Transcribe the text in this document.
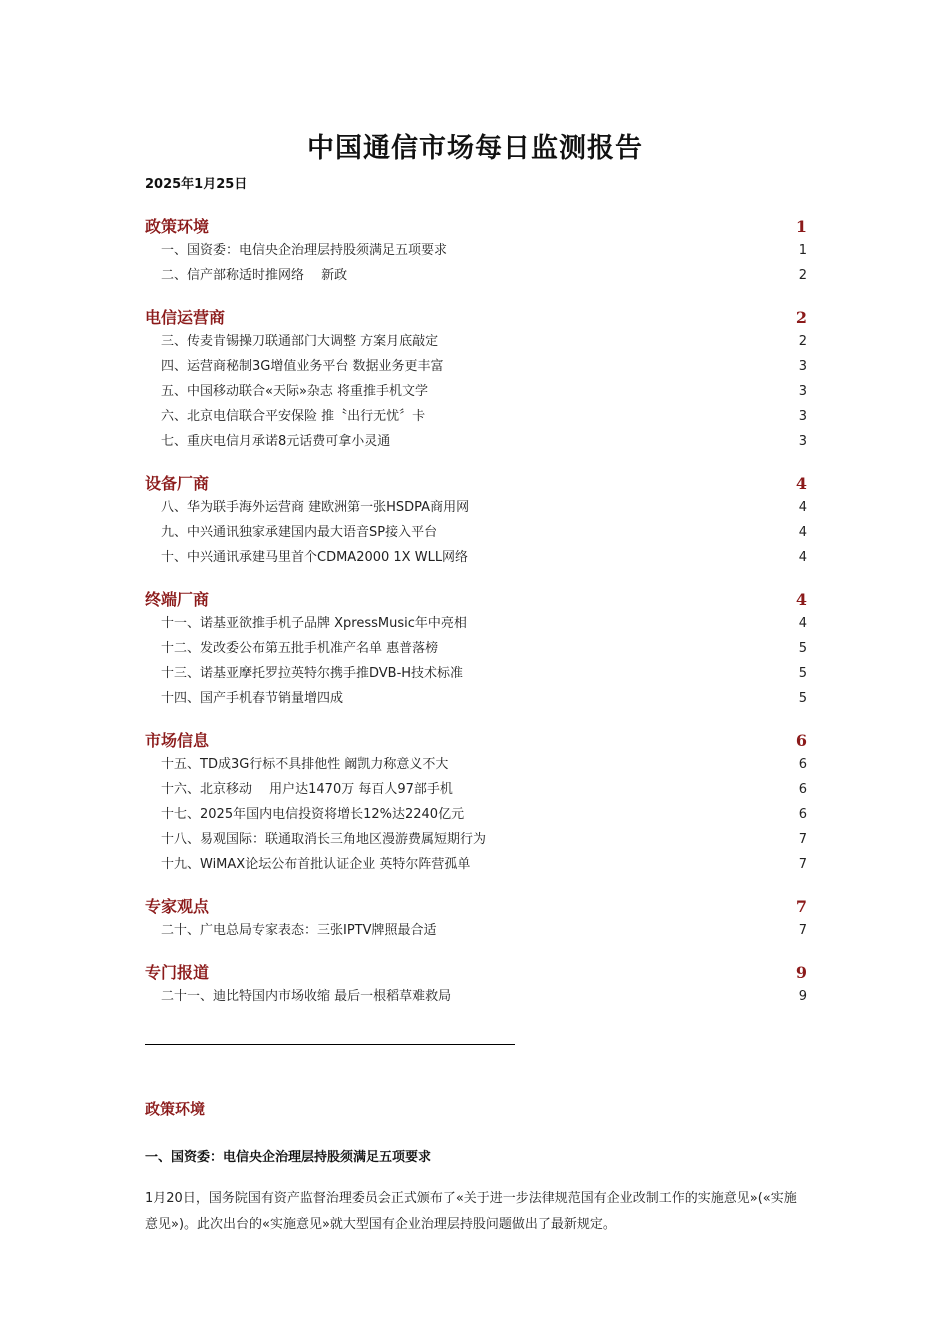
中国通信市场每日监测报告
2025年1月25日
政策环境	1
一、国资委：电信央企治理层持股须满足五项要求	1
二、信产部称适时推网络　 新政	2
电信运营商	2
三、传麦肯锡操刀联通部门大调整 方案月底敲定	2
四、运营商秘制3G增值业务平台 数据业务更丰富	3
五、中国移动联合«天际»杂志 将重推手机文学	3
六、北京电信联合平安保险 推〝出行无忧〞卡	3
七、重庆电信月承诺8元话费可拿小灵通	3
设备厂商	4
八、华为联手海外运营商 建欧洲第一张HSDPA商用网	4
九、中兴通讯独家承建国内最大语音SP接入平台	4
十、中兴通讯承建马里首个CDMA2000 1X WLL网络	4
终端厂商	4
十一、诺基亚欲推手机子品牌 XpressMusic年中亮相	4
十二、发改委公布第五批手机准产名单 惠普落榜	5
十三、诺基亚摩托罗拉英特尔携手推DVB-H技术标准	5
十四、国产手机春节销量增四成	5
市场信息	6
十五、TD成3G行标不具排他性 阚凯力称意义不大	6
十六、北京移动　 用户达1470万 每百人97部手机	6
十七、2025年国内电信投资将增长12%达2240亿元	6
十八、易观国际：联通取消长三角地区漫游费属短期行为	7
十九、WiMAX论坛公布首批认证企业 英特尔阵营孤单	7
专家观点	7
二十、广电总局专家表态：三张IPTV牌照最合适	7
专门报道	9
二十一、迪比特国内市场收缩 最后一根稻草难救局	9
政策环境
一、国资委：电信央企治理层持股须满足五项要求

1月20日，国务院国有资产监督治理委员会正式颁布了«关于进一步法律规范国有企业改制工作的实施意见»(«实施意见»)。此次出台的«实施意见»就大型国有企业治理层持股问题做出了最新规定。
